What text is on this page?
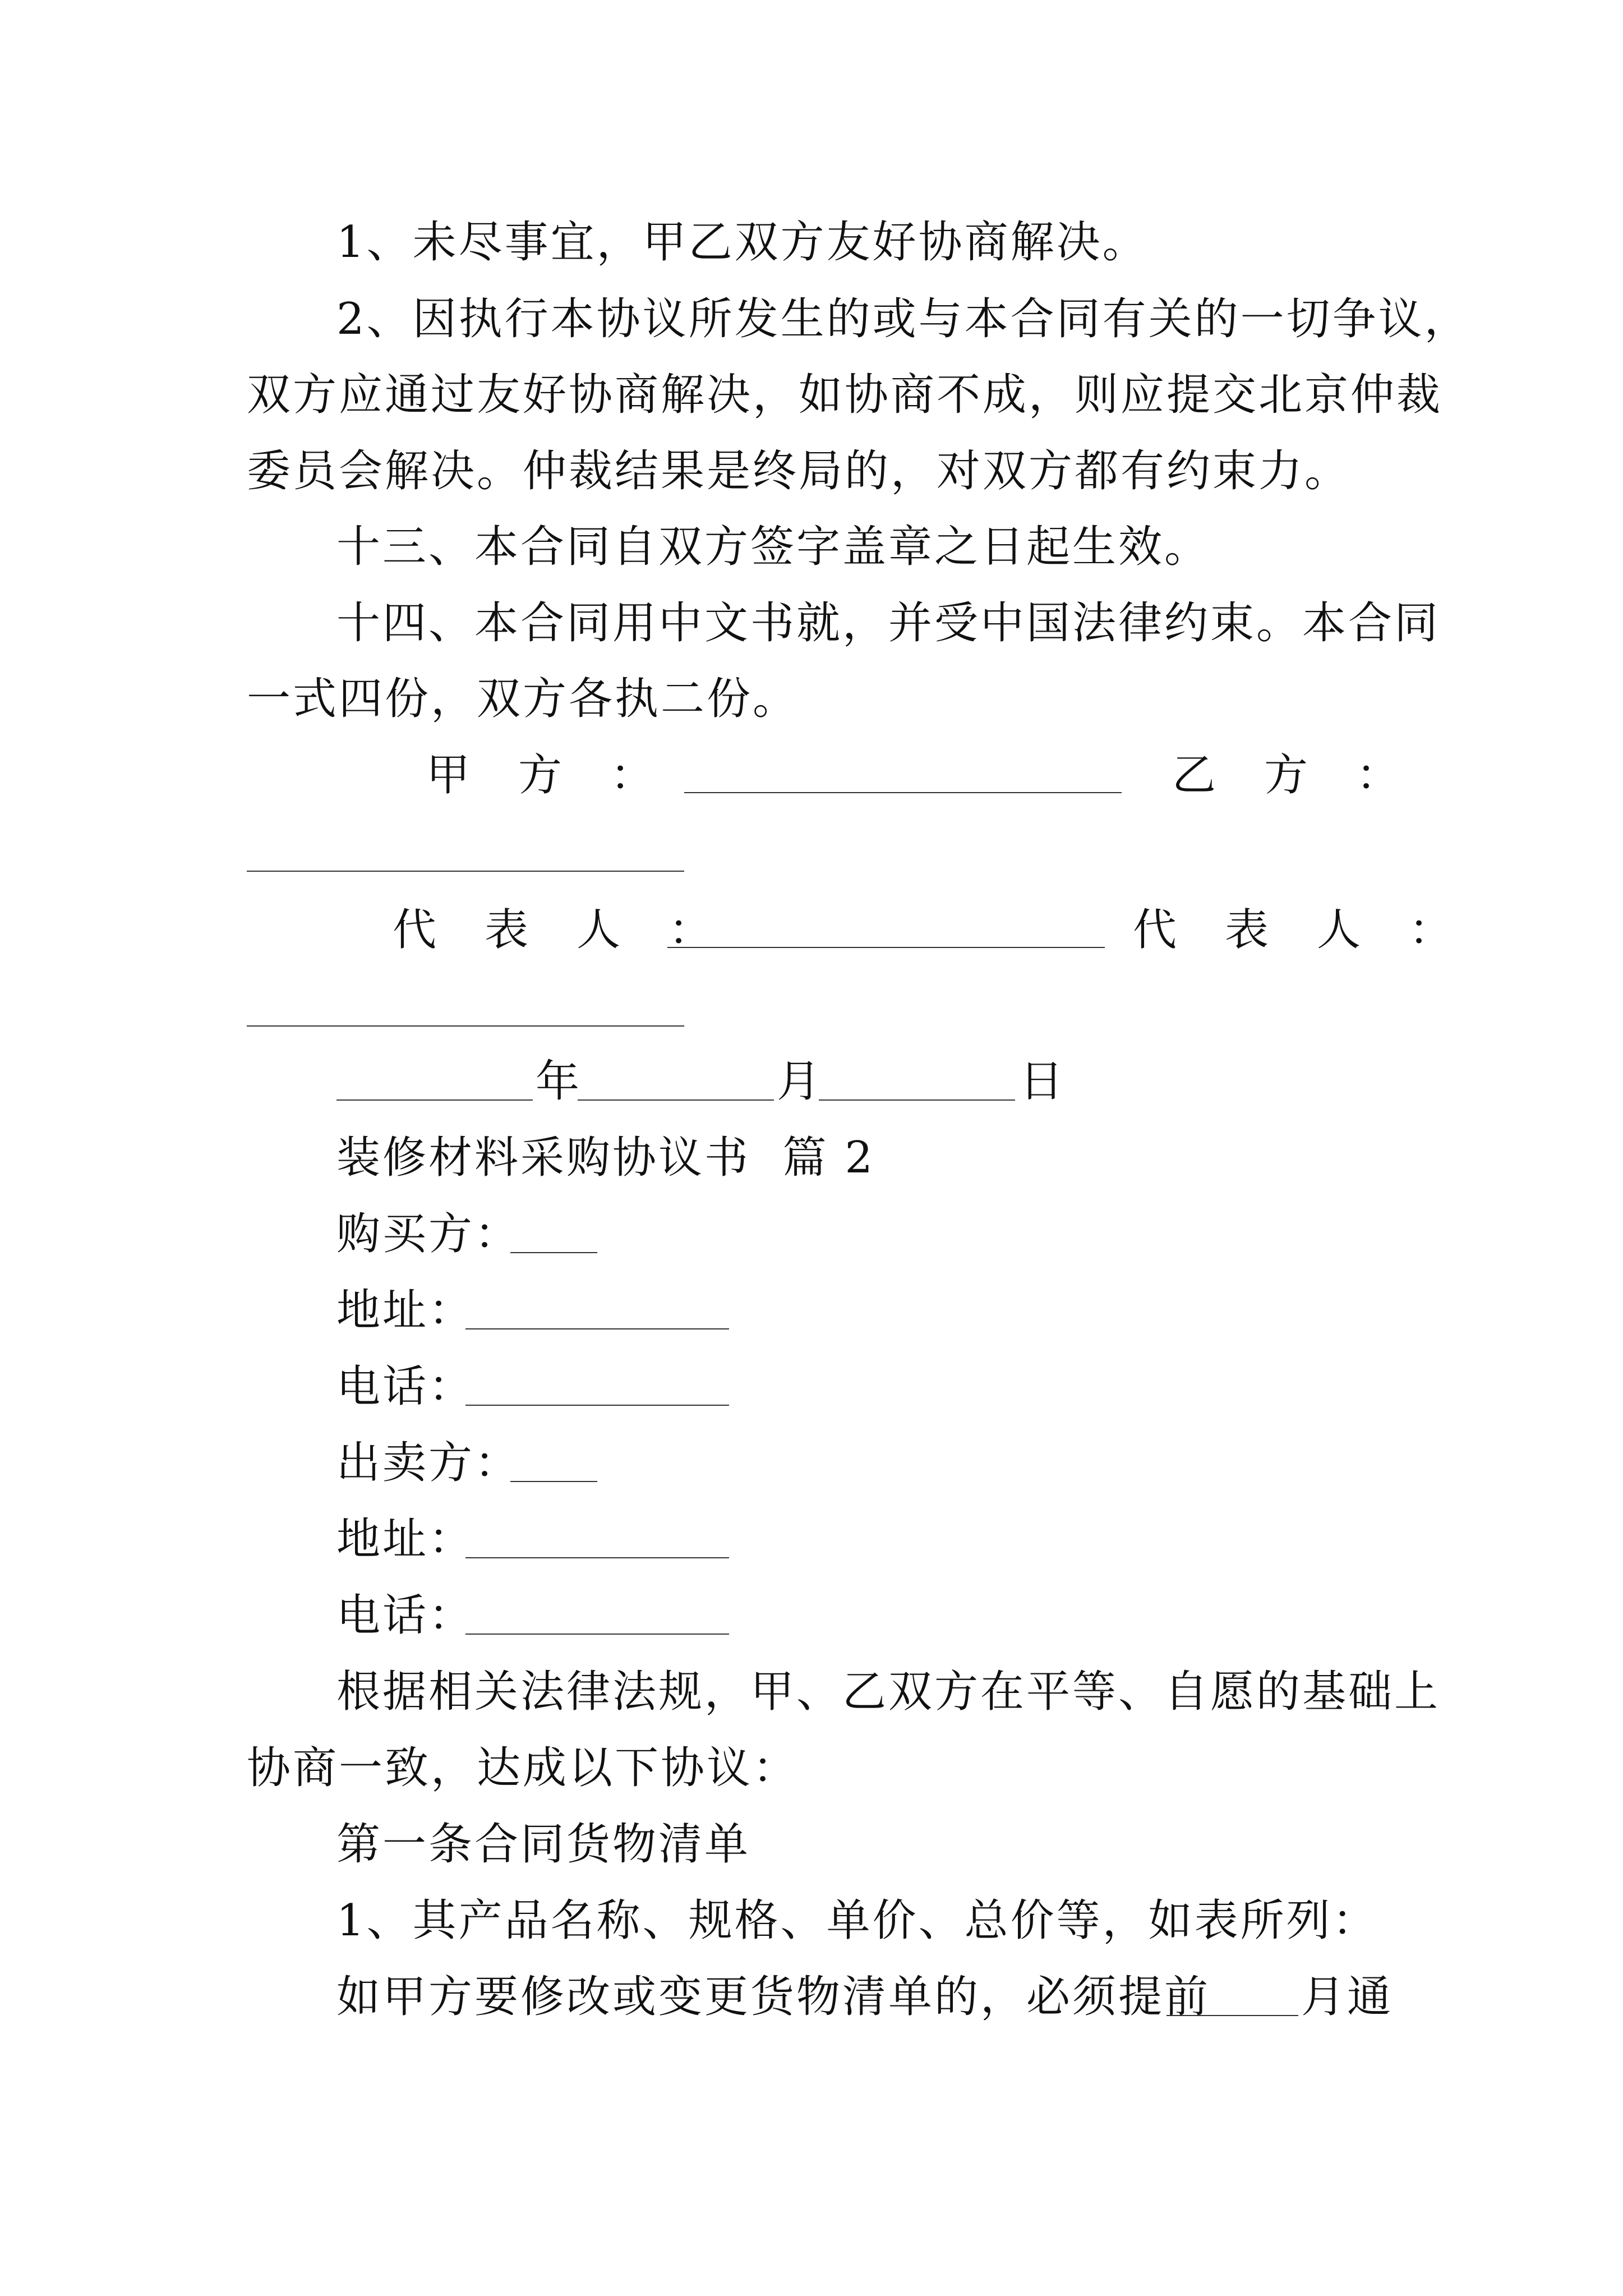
1、未尽事宜，甲乙双方友好协商解决。
2、因执行本协议所发生的或与本合同有关的一切争议，
双方应通过友好协商解决，如协商不成，则应提交北京仲裁
委员会解决。仲裁结果是终局的，对双方都有约束力。
十三、本合同自双方签字盖章之日起生效。
十四、本合同用中文书就，并受中国法律约束。本合同
一式四份，双方各执二份。
甲　方　：	乙　方　：
代　表　人　：	代　表　人　：
年	月	日
装修材料采购协议书  篇 2
购买方：
地址：
电话：
出卖方：
地址：
电话：
根据相关法律法规，甲、乙双方在平等、自愿的基础上
协商一致，达成以下协议：
第一条合同货物清单
1、其产品名称、规格、单价、总价等，如表所列：
如甲方要修改或变更货物清单的，必须提前 月通
